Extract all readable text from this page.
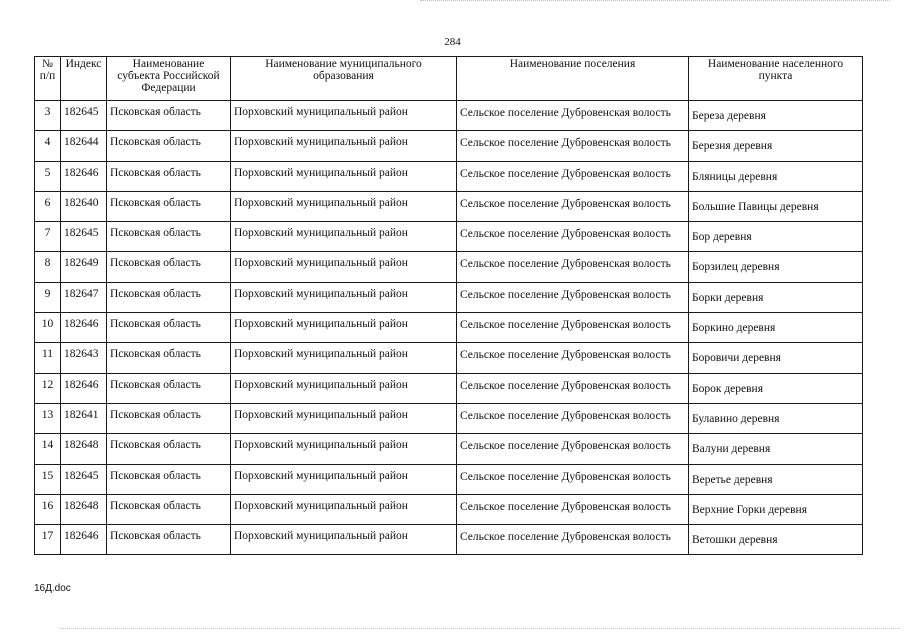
284
№ п/п	Индекс	Наименование субъекта Российской Федерации	Наименование муниципального образования	Наименование поселения	Наименование населенного пункта
3	182645	Псковская область	Порховский муниципальный район	Сельское поселение Дубровенская волость	Береза деревня
4	182644	Псковская область	Порховский муниципальный район	Сельское поселение Дубровенская волость	Березня деревня
5	182646	Псковская область	Порховский муниципальный район	Сельское поселение Дубровенская волость	Бляницы деревня
6	182640	Псковская область	Порховский муниципальный район	Сельское поселение Дубровенская волость	Большие Павицы деревня
7	182645	Псковская область	Порховский муниципальный район	Сельское поселение Дубровенская волость	Бор деревня
8	182649	Псковская область	Порховский муниципальный район	Сельское поселение Дубровенская волость	Борзилец деревня
9	182647	Псковская область	Порховский муниципальный район	Сельское поселение Дубровенская волость	Борки деревня
10	182646	Псковская область	Порховский муниципальный район	Сельское поселение Дубровенская волость	Боркино деревня
11	182643	Псковская область	Порховский муниципальный район	Сельское поселение Дубровенская волость	Боровичи деревня
12	182646	Псковская область	Порховский муниципальный район	Сельское поселение Дубровенская волость	Борок деревня
13	182641	Псковская область	Порховский муниципальный район	Сельское поселение Дубровенская волость	Булавино деревня
14	182648	Псковская область	Порховский муниципальный район	Сельское поселение Дубровенская волость	Валуни деревня
15	182645	Псковская область	Порховский муниципальный район	Сельское поселение Дубровенская волость	Веретье деревня
16	182648	Псковская область	Порховский муниципальный район	Сельское поселение Дубровенская волость	Верхние Горки деревня
17	182646	Псковская область	Порховский муниципальный район	Сельское поселение Дубровенская волость	Ветошки деревня
16Д.doc
